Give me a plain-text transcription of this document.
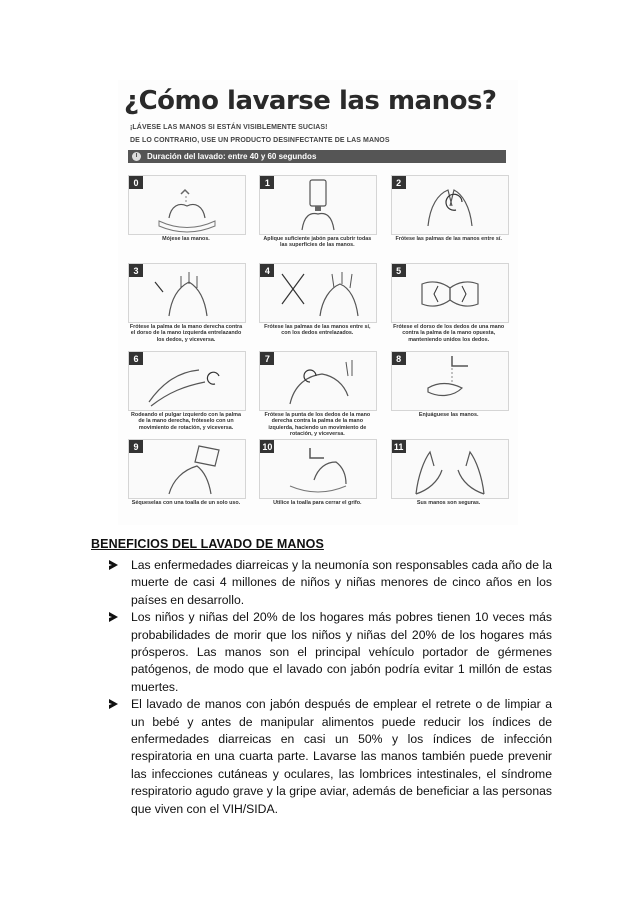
¿Cómo lavarse las manos?
¡LÁVESE LAS MANOS SI ESTÁN VISIBLEMENTE SUCIAS!
DE LO CONTRARIO, USE UN PRODUCTO DESINFECTANTE DE LAS MANOS
Duración del lavado: entre 40 y 60 segundos
0
Mójese las manos.
1
Aplique suficiente jabón para cubrir todas las superficies de las manos.
2
Frótese las palmas de las manos entre sí.
3
Frótese la palma de la mano derecha contra el dorso de la mano izquierda entrelazando los dedos, y viceversa.
4
Frótese las palmas de las manos entre sí, con los dedos entrelazados.
5
Frótese el dorso de los dedos de una mano contra la palma de la mano opuesta, manteniendo unidos los dedos.
6
Rodeando el pulgar izquierdo con la palma de la mano derecha, fróteselo con un movimiento de rotación, y viceversa.
7
Frótese la punta de los dedos de la mano derecha contra la palma de la mano izquierda, haciendo un movimiento de rotación, y viceversa.
8
Enjuáguese las manos.
9
Séqueselas con una toalla de un solo uso.
10
Utilice la toalla para cerrar el grifo.
11
Sus manos son seguras.
BENEFICIOS DEL LAVADO DE MANOS
Las enfermedades diarreicas y la neumonía son responsables cada año de la muerte de casi 4 millones de niños y niñas menores de cinco años en los países en desarrollo.
Los niños y niñas del 20% de los hogares más pobres tienen 10 veces más probabilidades de morir que los niños y niñas del 20% de los hogares más prósperos. Las manos son el principal vehículo portador de gérmenes patógenos, de modo que el lavado con jabón podría evitar 1 millón de estas muertes.
El lavado de manos con jabón después de emplear el retrete o de limpiar a un bebé y antes de manipular alimentos puede reducir los índices de enfermedades diarreicas en casi un 50% y los índices de infección respiratoria en una cuarta parte. Lavarse las manos también puede prevenir las infecciones cutáneas y oculares, las lombrices intestinales, el síndrome respiratorio agudo grave y la gripe aviar, además de beneficiar a las personas que viven con el VIH/SIDA.
